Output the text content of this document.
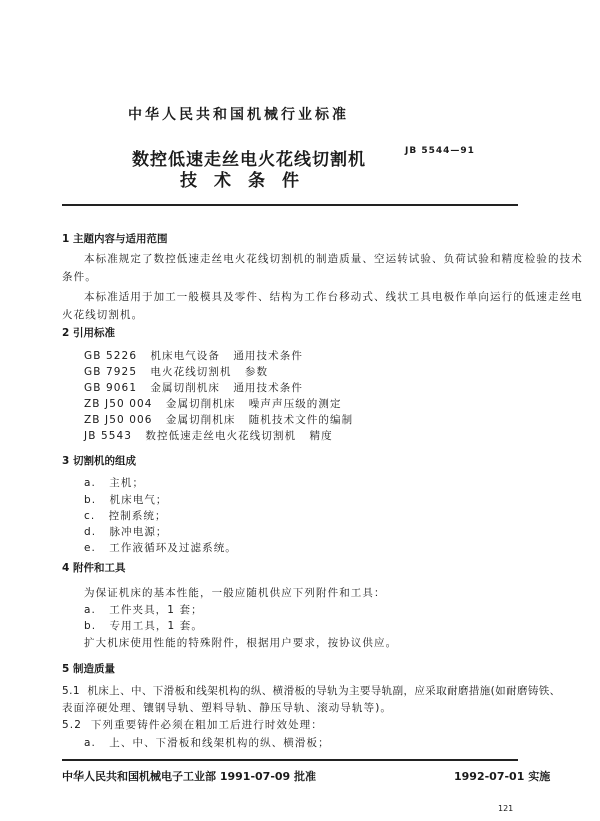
中华人民共和国机械行业标准
数控低速走丝电火花线切割机
技术条件
JB 5544—91
1 主题内容与适用范围
本标准规定了数控低速走丝电火花线切割机的制造质量、空运转试验、负荷试验和精度检验的技术
条件。
本标准适用于加工一般模具及零件、结构为工作台移动式、线状工具电极作单向运行的低速走丝电
火花线切割机。
2 引用标准
GB 5226   机床电气设备   通用技术条件
GB 7925   电火花线切割机   参数
GB 9061   金属切削机床   通用技术条件
ZB J50 004   金属切削机床   噪声声压级的测定
ZB J50 006   金属切削机床   随机技术文件的编制
JB 5543   数控低速走丝电火花线切割机   精度
3 切割机的组成
a.   主机；
b.   机床电气；
c.   控制系统；
d.   脉冲电源；
e.   工作液循环及过滤系统。
4 附件和工具
为保证机床的基本性能，一般应随机供应下列附件和工具：
a.   工件夹具，1 套；
b.   专用工具，1 套。
扩大机床使用性能的特殊附件，根据用户要求，按协议供应。
5 制造质量
5.1  机床上、中、下滑板和线架机构的纵、横滑板的导轨为主要导轨副，应采取耐磨措施(如耐磨铸铁、
表面淬硬处理、镶钢导轨、塑料导轨、静压导轨、滚动导轨等)。
5.2  下列重要铸件必须在粗加工后进行时效处理：
a.   上、中、下滑板和线架机构的纵、横滑板；
中华人民共和国机械电子工业部 1991-07-09 批准	1992-07-01 实施
121
